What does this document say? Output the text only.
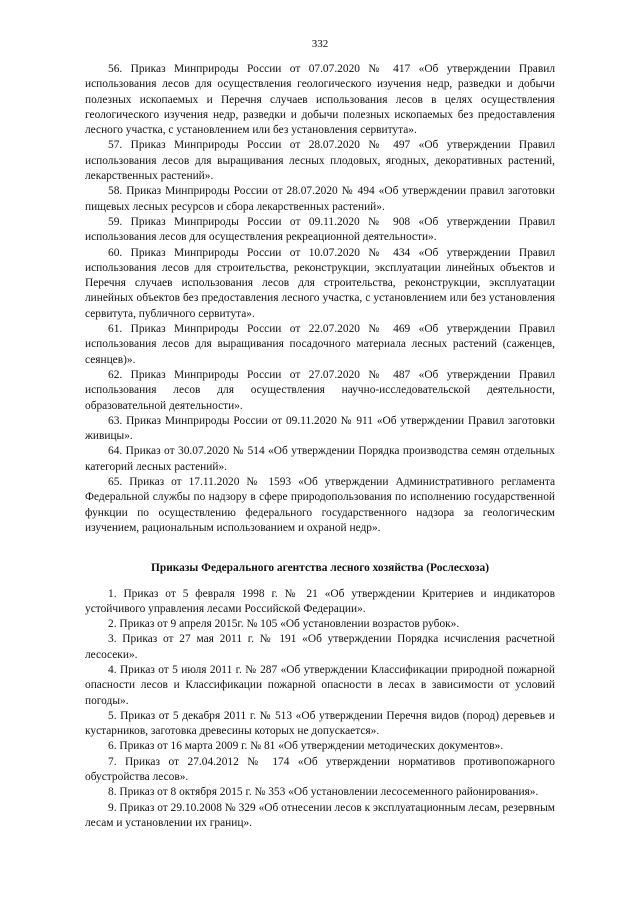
332

56. Приказ Минприроды России от 07.07.2020 № 417 «Об утверждении Правил использования лесов для осуществления геологического изучения недр, разведки и добычи полезных ископаемых и Перечня случаев использования лесов в целях осуществления геологического изучения недр, разведки и добычи полезных ископаемых без предоставления лесного участка, с установлением или без установления сервитута».

57. Приказ Минприроды России от 28.07.2020 № 497 «Об утверждении Правил использования лесов для выращивания лесных плодовых, ягодных, декоративных растений, лекарственных растений».

58. Приказ Минприроды России от 28.07.2020 № 494 «Об утверждении правил заготовки пищевых лесных ресурсов и сбора лекарственных растений».

59. Приказ Минприроды России от 09.11.2020 № 908 «Об утверждении Правил использования лесов для осуществления рекреационной деятельности».

60. Приказ Минприроды России от 10.07.2020 № 434 «Об утверждении Правил использования лесов для строительства, реконструкции, эксплуатации линейных объектов и Перечня случаев использования лесов для строительства, реконструкции, эксплуатации линейных объектов без предоставления лесного участка, с установлением или без установления сервитута, публичного сервитута».

61. Приказ Минприроды России от 22.07.2020 № 469 «Об утверждении Правил использования лесов для выращивания посадочного материала лесных растений (саженцев, сеянцев)».

62. Приказ Минприроды России от 27.07.2020 № 487 «Об утверждении Правил использования лесов для осуществления научно-исследовательской деятельности, образовательной деятельности».

63. Приказ Минприроды России от 09.11.2020 № 911 «Об утверждении Правил заготовки живицы».

64. Приказ от 30.07.2020 № 514 «Об утверждении Порядка производства семян отдельных категорий лесных растений».

65. Приказ от 17.11.2020 № 1593 «Об утверждении Административного регламента Федеральной службы по надзору в сфере природопользования по исполнению государственной функции по осуществлению федерального государственного надзора за геологическим изучением, рациональным использованием и охраной недр».

Приказы Федерального агентства лесного хозяйства (Рослесхоза)

1. Приказ от 5 февраля 1998 г. № 21 «Об утверждении Критериев и индикаторов устойчивого управления лесами Российской Федерации».

2. Приказ от 9 апреля 2015г. № 105 «Об установлении возрастов рубок».

3. Приказ от 27 мая 2011 г. № 191 «Об утверждении Порядка исчисления расчетной лесосеки».

4. Приказ от 5 июля 2011 г. № 287 «Об утверждении Классификации природной пожарной опасности лесов и Классификации пожарной опасности в лесах в зависимости от условий погоды».

5. Приказ от 5 декабря 2011 г. № 513 «Об утверждении Перечня видов (пород) деревьев и кустарников, заготовка древесины которых не допускается».

6. Приказ от 16 марта 2009 г. № 81 «Об утверждении методических документов».

7. Приказ от 27.04.2012 № 174 «Об утверждении нормативов противопожарного обустройства лесов».

8. Приказ от 8 октября 2015 г. № 353 «Об установлении лесосеменного районирования».

9. Приказ от 29.10.2008 № 329 «Об отнесении лесов к эксплуатационным лесам, резервным лесам и установлении их границ».
